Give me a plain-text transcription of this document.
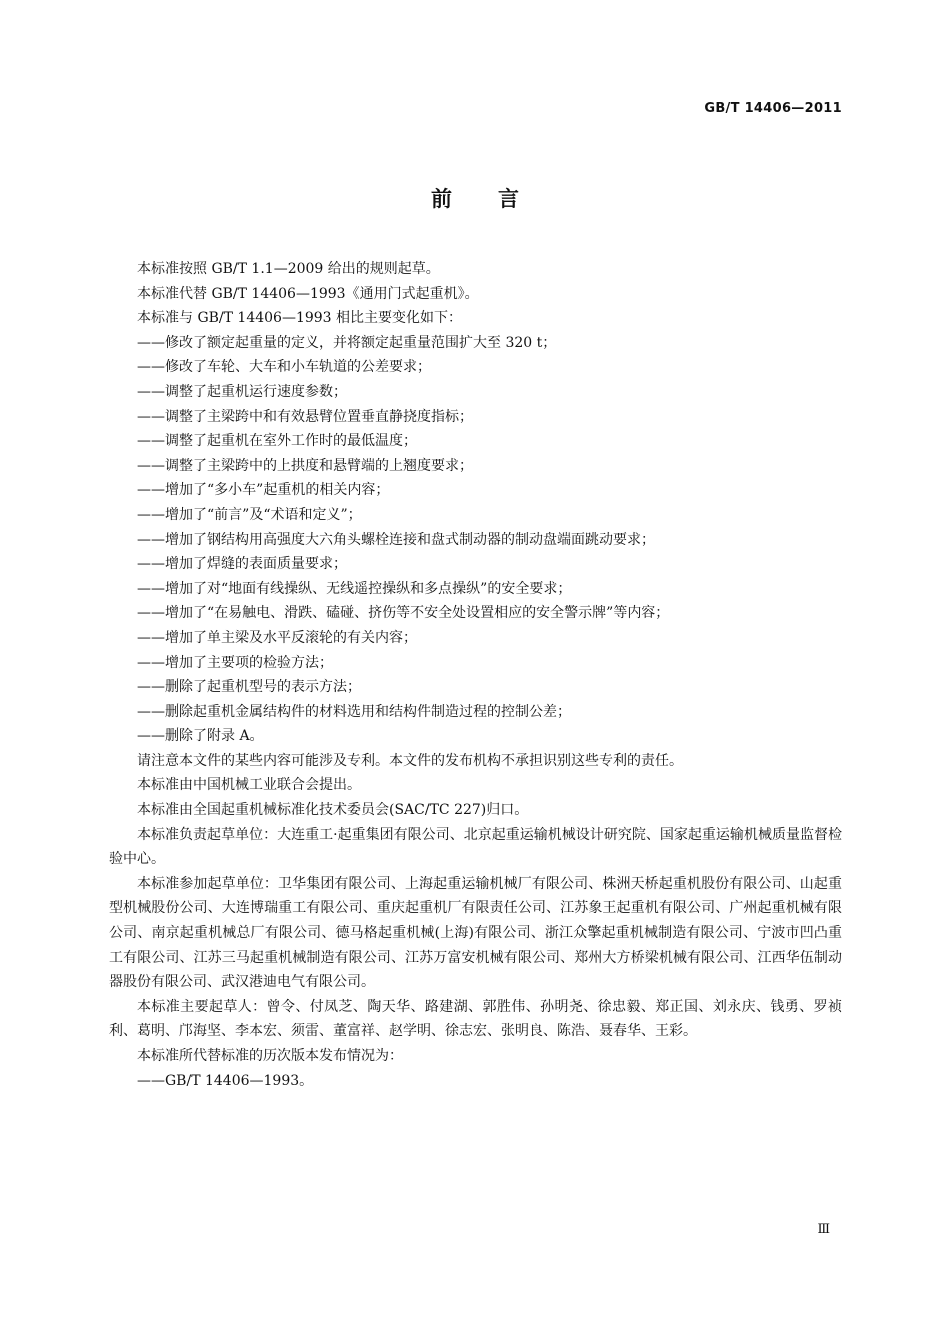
GB/T 14406—2011
前言

本标准按照 GB/T 1.1—2009 给出的规则起草。

本标准代替 GB/T 14406—1993《通用门式起重机》。

本标准与 GB/T 14406—1993 相比主要变化如下：

——修改了额定起重量的定义，并将额定起重量范围扩大至 320 t；

——修改了车轮、大车和小车轨道的公差要求；

——调整了起重机运行速度参数；

——调整了主梁跨中和有效悬臂位置垂直静挠度指标；

——调整了起重机在室外工作时的最低温度；

——调整了主梁跨中的上拱度和悬臂端的上翘度要求；

——增加了“多小车”起重机的相关内容；

——增加了“前言”及“术语和定义”；

——增加了钢结构用高强度大六角头螺栓连接和盘式制动器的制动盘端面跳动要求；

——增加了焊缝的表面质量要求；

——增加了对“地面有线操纵、无线遥控操纵和多点操纵”的安全要求；

——增加了“在易触电、滑跌、磕碰、挤伤等不安全处设置相应的安全警示牌”等内容；

——增加了单主梁及水平反滚轮的有关内容；

——增加了主要项的检验方法；

——删除了起重机型号的表示方法；

——删除起重机金属结构件的材料选用和结构件制造过程的控制公差；

——删除了附录 A。

请注意本文件的某些内容可能涉及专利。本文件的发布机构不承担识别这些专利的责任。

本标准由中国机械工业联合会提出。

本标准由全国起重机械标准化技术委员会(SAC/TC 227)归口。

本标准负责起草单位：大连重工·起重集团有限公司、北京起重运输机械设计研究院、国家起重运输机械质量监督检验中心。

本标准参加起草单位：卫华集团有限公司、上海起重运输机械厂有限公司、株洲天桥起重机股份有限公司、山起重型机械股份公司、大连博瑞重工有限公司、重庆起重机厂有限责任公司、江苏象王起重机有限公司、广州起重机械有限公司、南京起重机械总厂有限公司、德马格起重机械(上海)有限公司、浙江众擎起重机械制造有限公司、宁波市凹凸重工有限公司、江苏三马起重机械制造有限公司、江苏万富安机械有限公司、郑州大方桥梁机械有限公司、江西华伍制动器股份有限公司、武汉港迪电气有限公司。

本标准主要起草人：曾令、付凤芝、陶天华、路建湖、郭胜伟、孙明尧、徐忠毅、郑正国、刘永庆、钱勇、罗祯利、葛明、邝海坚、李本宏、须雷、董富祥、赵学明、徐志宏、张明良、陈浩、聂春华、王彩。

本标准所代替标准的历次版本发布情况为：

——GB/T 14406—1993。

Ⅲ
